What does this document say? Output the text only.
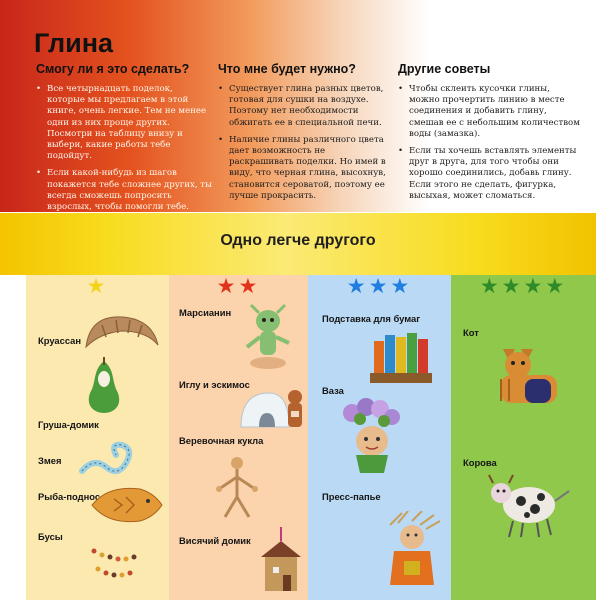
Глина
Смогу ли я это сделать?
• Все четырнадцать поделок, которые мы предлагаем в этой книге, очень легкие. Тем не менее одни из них проще других. Посмотри на таблицу внизу и выбери, какие работы тебе подойдут.
• Если какой-нибудь из шагов покажется тебе сложнее других, ты всегда сможешь попросить взрослых, чтобы помогли тебе.
Что мне будет нужно?
• Существует глина разных цветов, готовая для сушки на воздухе. Поэтому нет необходимости обжигать ее в специальной печи.
• Наличие глины различного цвета дает возможность не раскрашивать поделки. Но имей в виду, что черная глина, высохнув, становится сероватой, поэтому ее лучше прокрасить.
Другие советы
• Чтобы склеить кусочки глины, можно прочертить линию в месте соединения и добавить глину, смешав ее с небольшим количеством воды (замазка).
• Если ты хочешь вставлять элементы друг в друга, для того чтобы они хорошо соединились, добавь глину. Если этого не сделать, фигурка, высыхая, может сломаться.
Одно легче другого
★
Круассан
Груша-домик
Змея
Рыба-поднос
Бусы
★★
Марсианин
Иглу и эскимос
Веревочная кукла
Висячий домик
★★★
Подставка для бумаг
Ваза
Пресс-папье
★★★★
Кот
Корова
